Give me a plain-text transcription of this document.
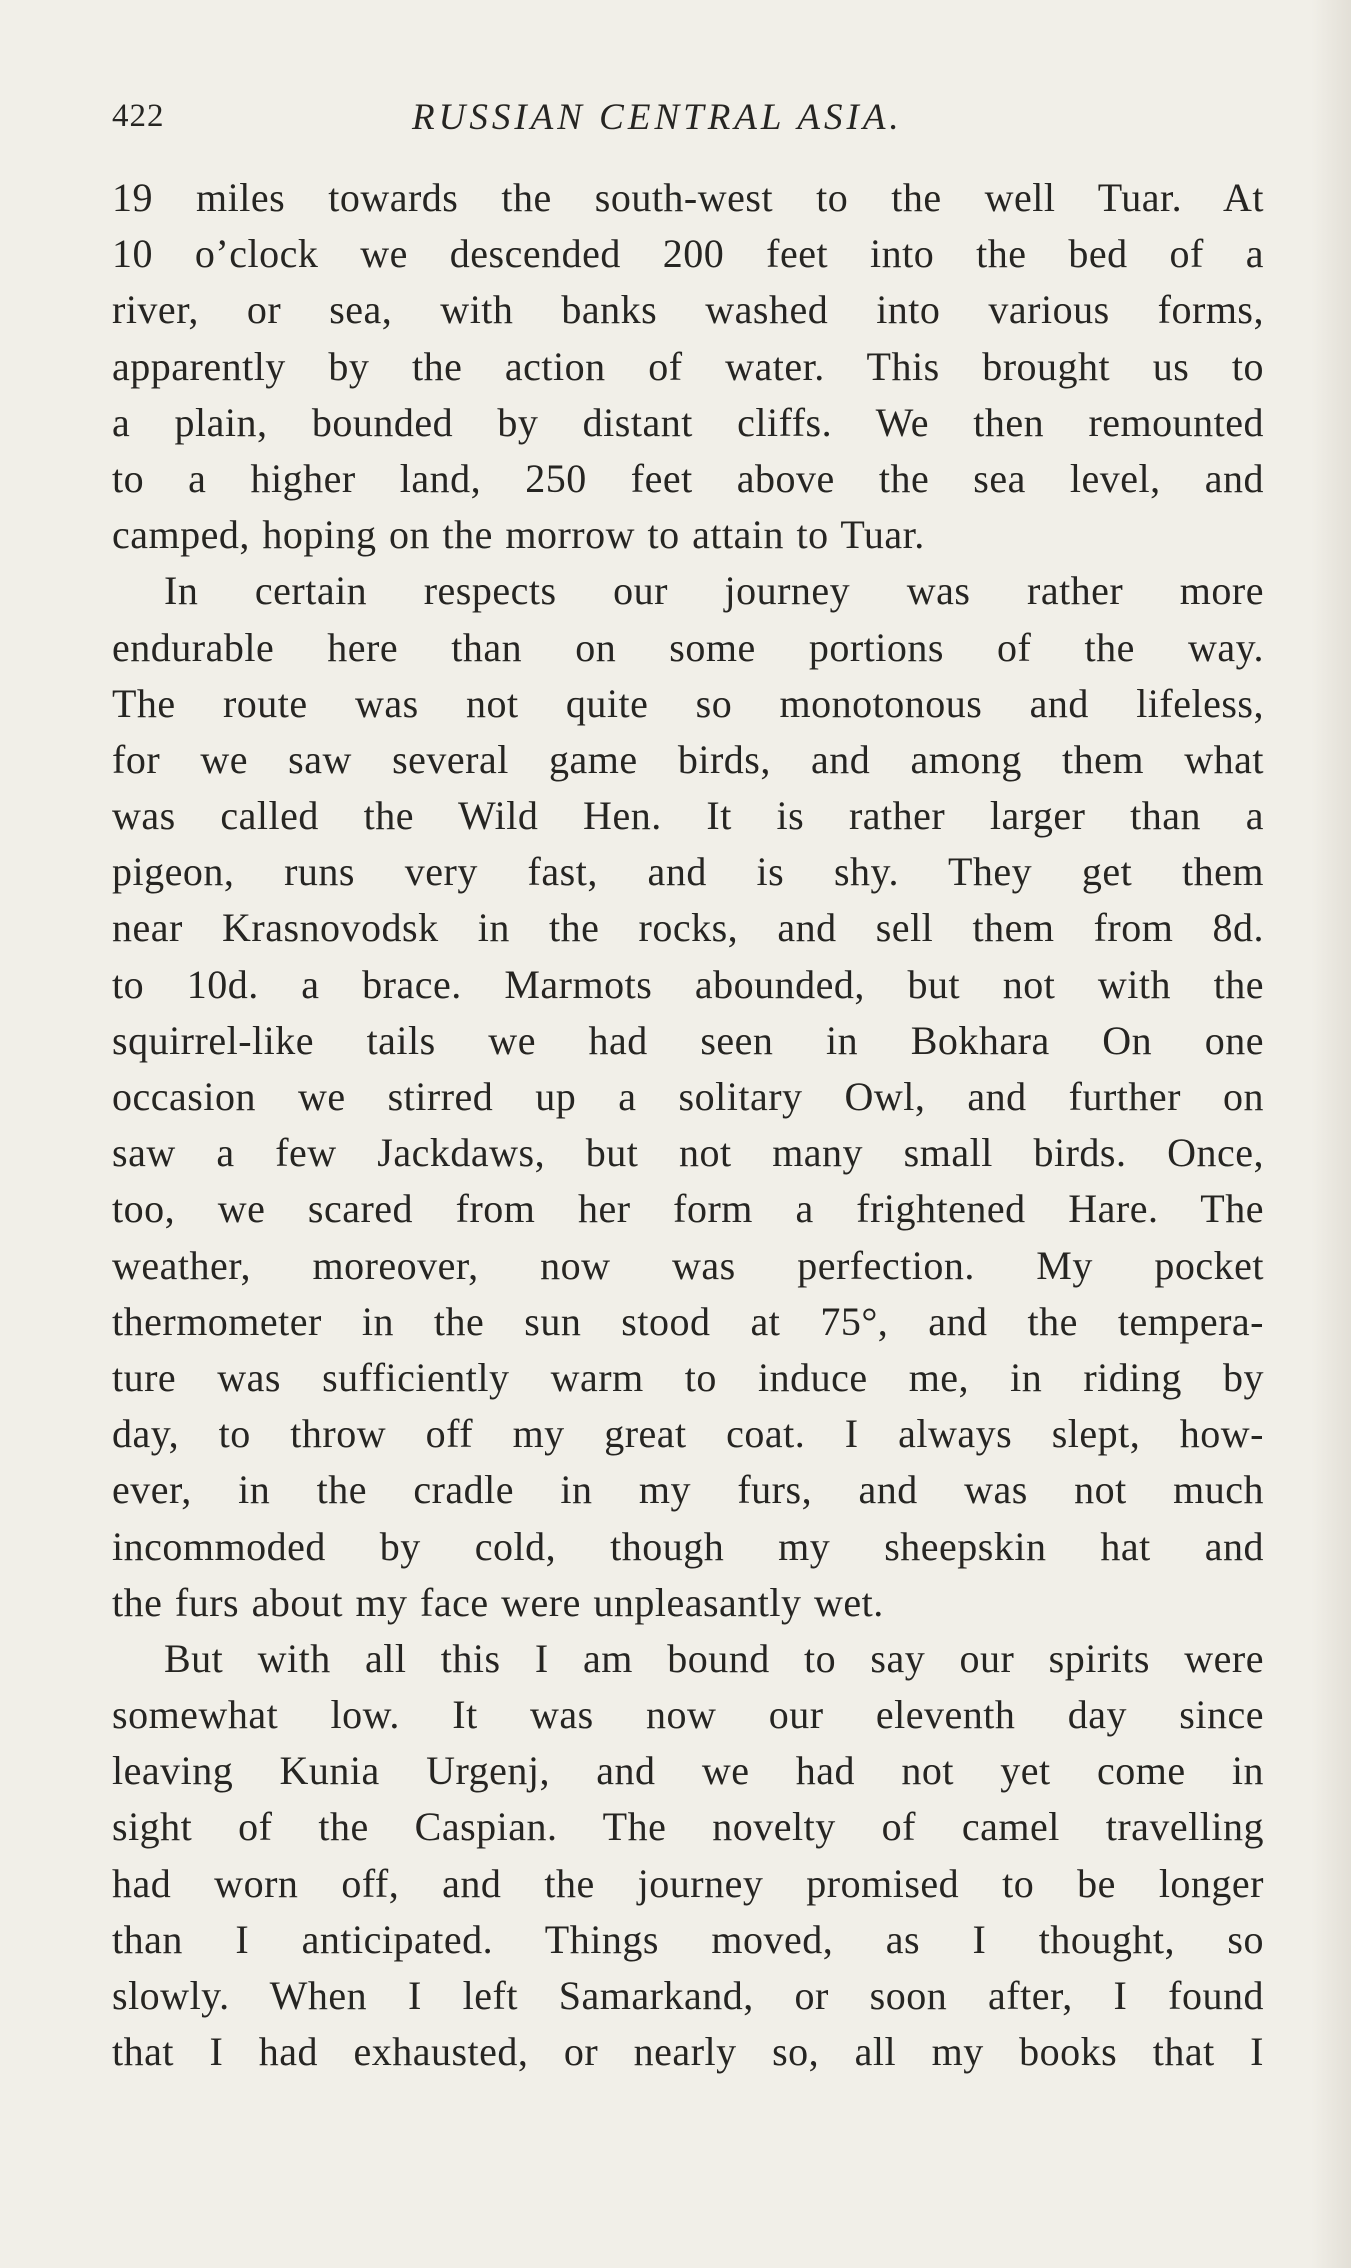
422	RUSSIAN CENTRAL ASIA.
19 miles towards the south-west to the well Tuar. At
10 o’clock we descended 200 feet into the bed of a
river, or sea, with banks washed into various forms,
apparently by the action of water. This brought us to
a plain, bounded by distant cliffs. We then remounted
to a higher land, 250 feet above the sea level, and
camped, hoping on the morrow to attain to Tuar.
In certain respects our journey was rather more
endurable here than on some portions of the way.
The route was not quite so monotonous and lifeless,
for we saw several game birds, and among them what
was called the Wild Hen. It is rather larger than a
pigeon, runs very fast, and is shy. They get them
near Krasnovodsk in the rocks, and sell them from 8d.
to 10d. a brace. Marmots abounded, but not with the
squirrel-like tails we had seen in Bokhara On one
occasion we stirred up a solitary Owl, and further on
saw a few Jackdaws, but not many small birds. Once,
too, we scared from her form a frightened Hare. The
weather, moreover, now was perfection. My pocket
thermometer in the sun stood at 75°, and the tempera-
ture was sufficiently warm to induce me, in riding by
day, to throw off my great coat. I always slept, how-
ever, in the cradle in my furs, and was not much
incommoded by cold, though my sheepskin hat and
the furs about my face were unpleasantly wet.
But with all this I am bound to say our spirits were
somewhat low. It was now our eleventh day since
leaving Kunia Urgenj, and we had not yet come in
sight of the Caspian. The novelty of camel travelling
had worn off, and the journey promised to be longer
than I anticipated. Things moved, as I thought, so
slowly. When I left Samarkand, or soon after, I found
that I had exhausted, or nearly so, all my books that I
